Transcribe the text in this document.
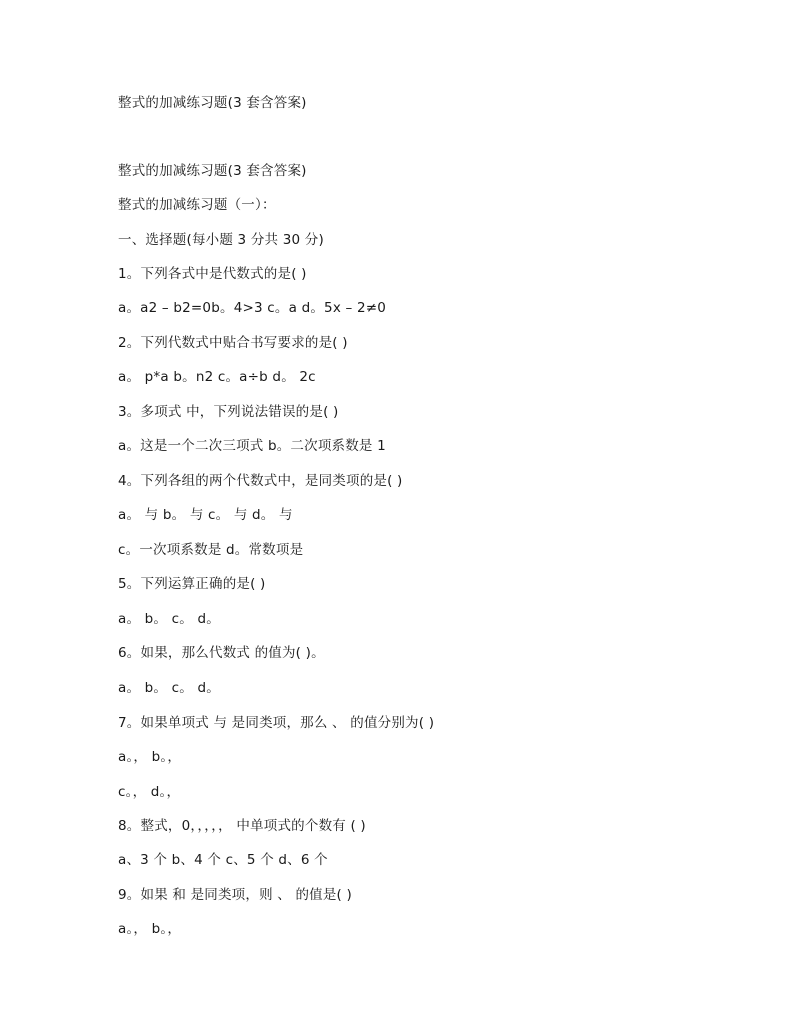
整式的加减练习题(3 套含答案)
整式的加减练习题(3 套含答案)
整式的加减练习题（一）：
一、选择题(每小题 3 分共 30 分)
1。下列各式中是代数式的是( )
a。a2 – b2=0b。4>3 c。a d。5x – 2≠0
2。下列代数式中贴合书写要求的是( )
a。 p*a b。n2 c。a÷b d。 2c
3。多项式 中，下列说法错误的是( )
a。这是一个二次三项式 b。二次项系数是 1
4。下列各组的两个代数式中，是同类项的是( )
a。 与 b。 与 c。 与 d。 与
c。一次项系数是 d。常数项是
5。下列运算正确的是( )
a。 b。 c。 d。
6。如果，那么代数式 的值为( )。
a。 b。 c。 d。
7。如果单项式 与 是同类项，那么 、 的值分别为( )
a。， b。，
c。， d。，
8。整式，0，，，，， 中单项式的个数有 ( )
a、3 个 b、4 个 c、5 个 d、6 个
9。如果 和 是同类项，则 、 的值是( )
a。， b。，
